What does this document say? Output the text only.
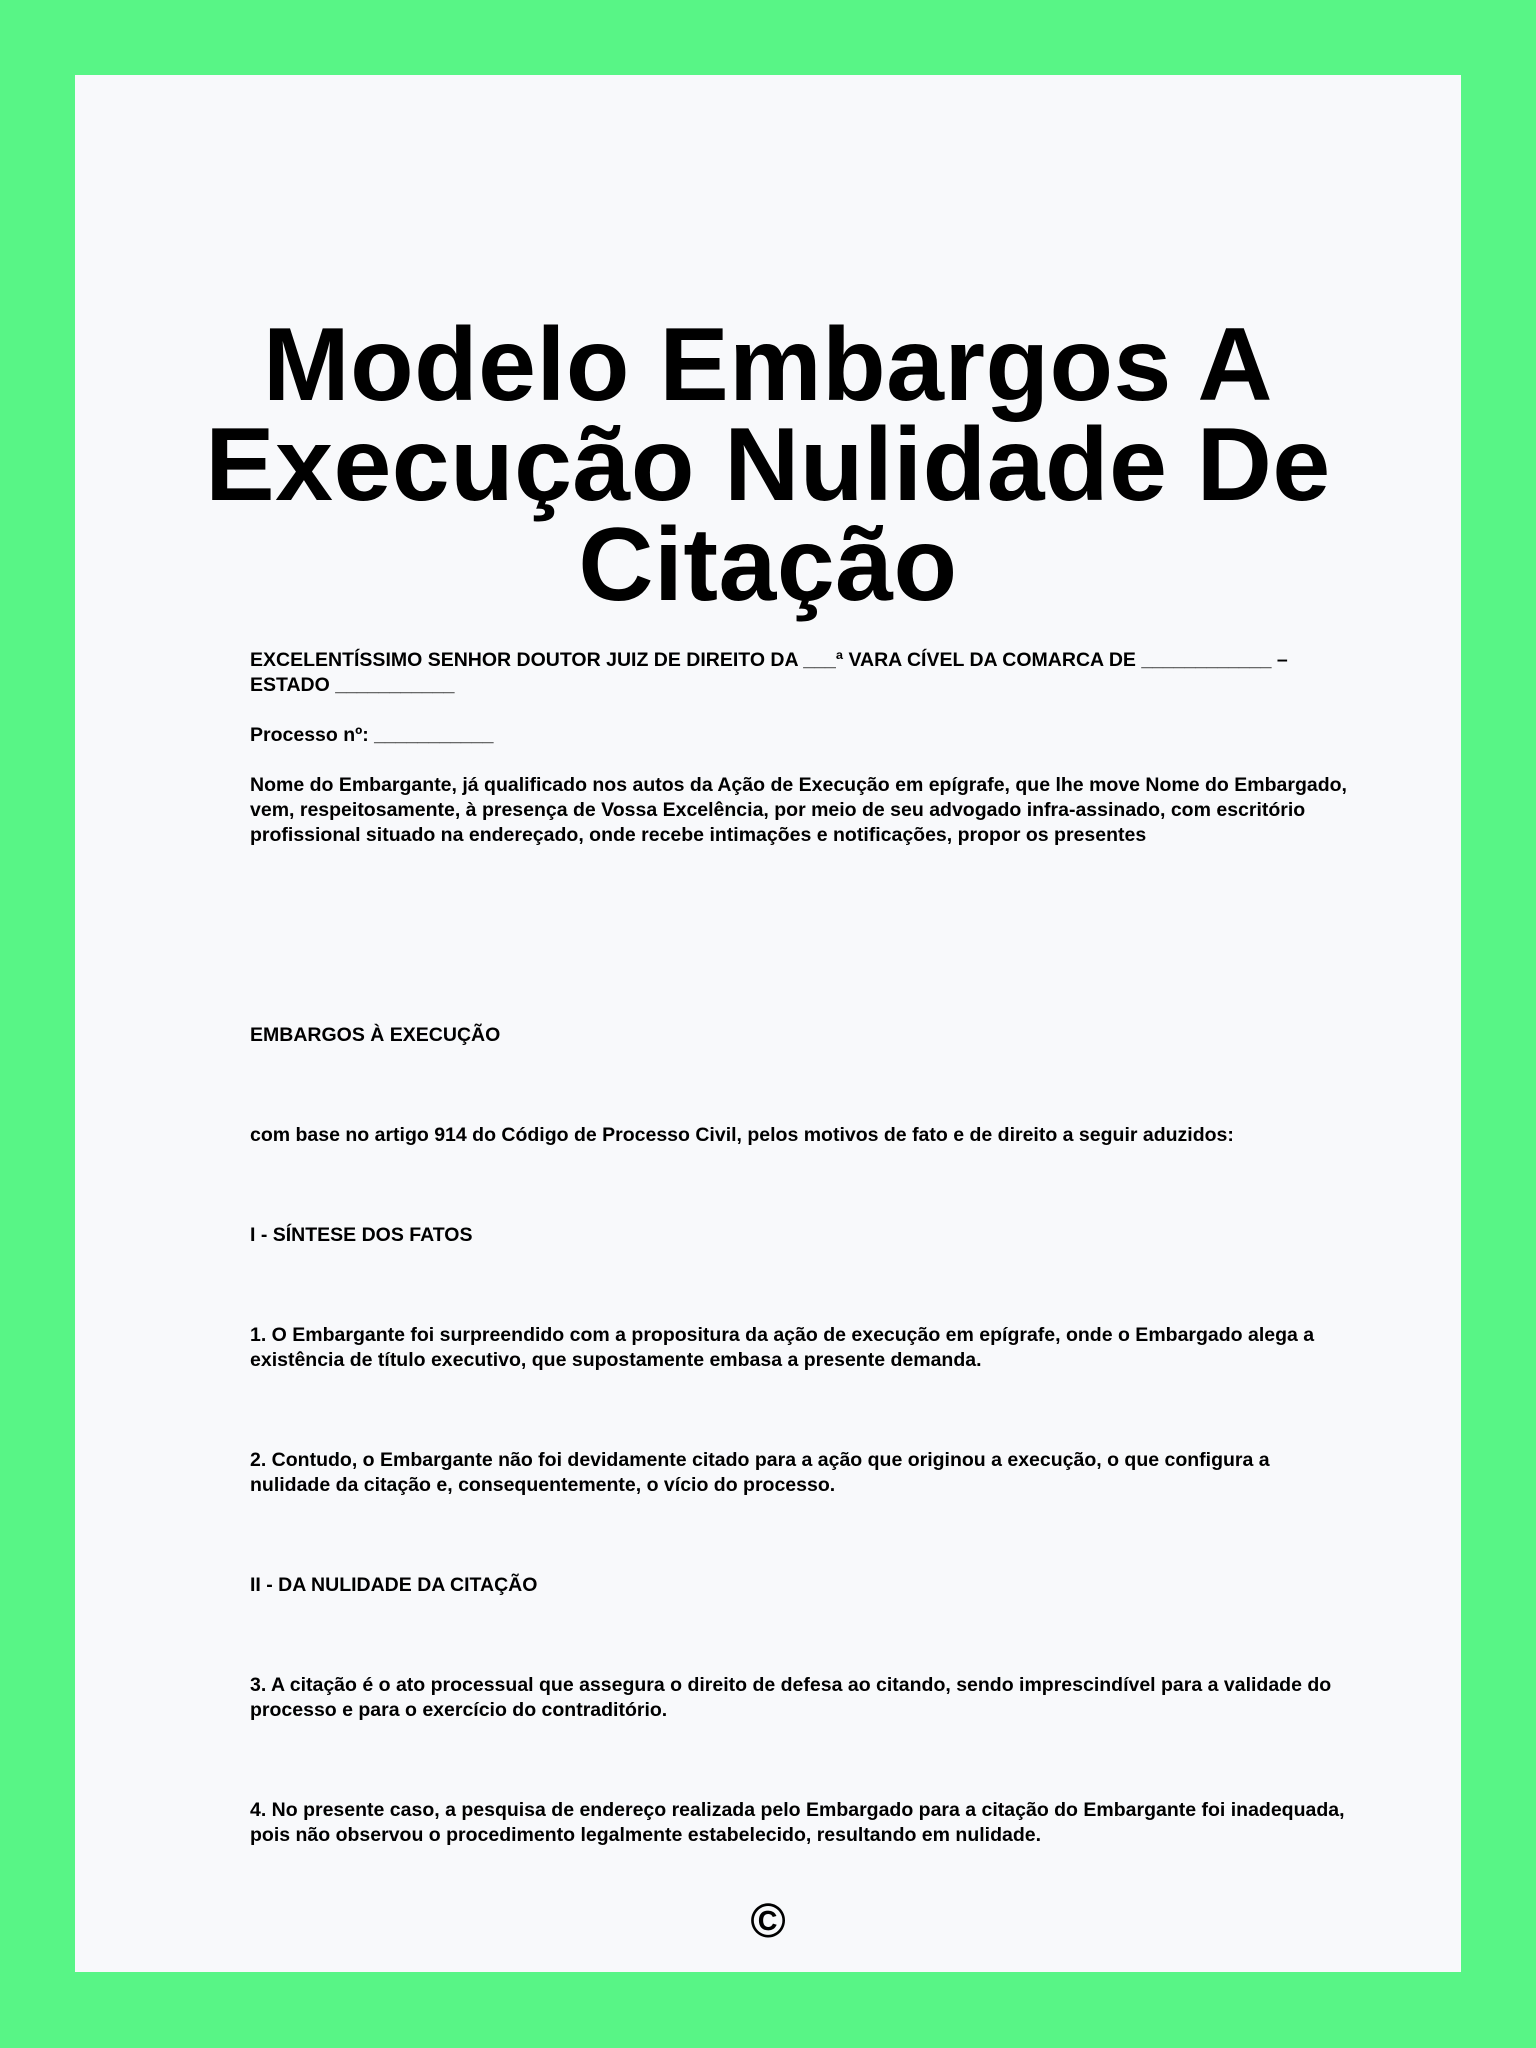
Modelo Embargos A Execução Nulidade De Citação

EXCELENTÍSSIMO SENHOR DOUTOR JUIZ DE DIREITO DA ___ª VARA CÍVEL DA COMARCA DE ____________ – ESTADO ___________

Processo nº: ___________

Nome do Embargante, já qualificado nos autos da Ação de Execução em epígrafe, que lhe move Nome do Embargado, vem, respeitosamente, à presença de Vossa Excelência, por meio de seu advogado infra-assinado, com escritório profissional situado na endereçado, onde recebe intimações e notificações, propor os presentes

EMBARGOS À EXECUÇÃO

com base no artigo 914 do Código de Processo Civil, pelos motivos de fato e de direito a seguir aduzidos:

I - SÍNTESE DOS FATOS

1. O Embargante foi surpreendido com a propositura da ação de execução em epígrafe, onde o Embargado alega a existência de título executivo, que supostamente embasa a presente demanda.

2. Contudo, o Embargante não foi devidamente citado para a ação que originou a execução, o que configura a nulidade da citação e, consequentemente, o vício do processo.

II - DA NULIDADE DA CITAÇÃO

3. A citação é o ato processual que assegura o direito de defesa ao citando, sendo imprescindível para a validade do processo e para o exercício do contraditório.

4. No presente caso, a pesquisa de endereço realizada pelo Embargado para a citação do Embargante foi inadequada, pois não observou o procedimento legalmente estabelecido, resultando em nulidade.

©
